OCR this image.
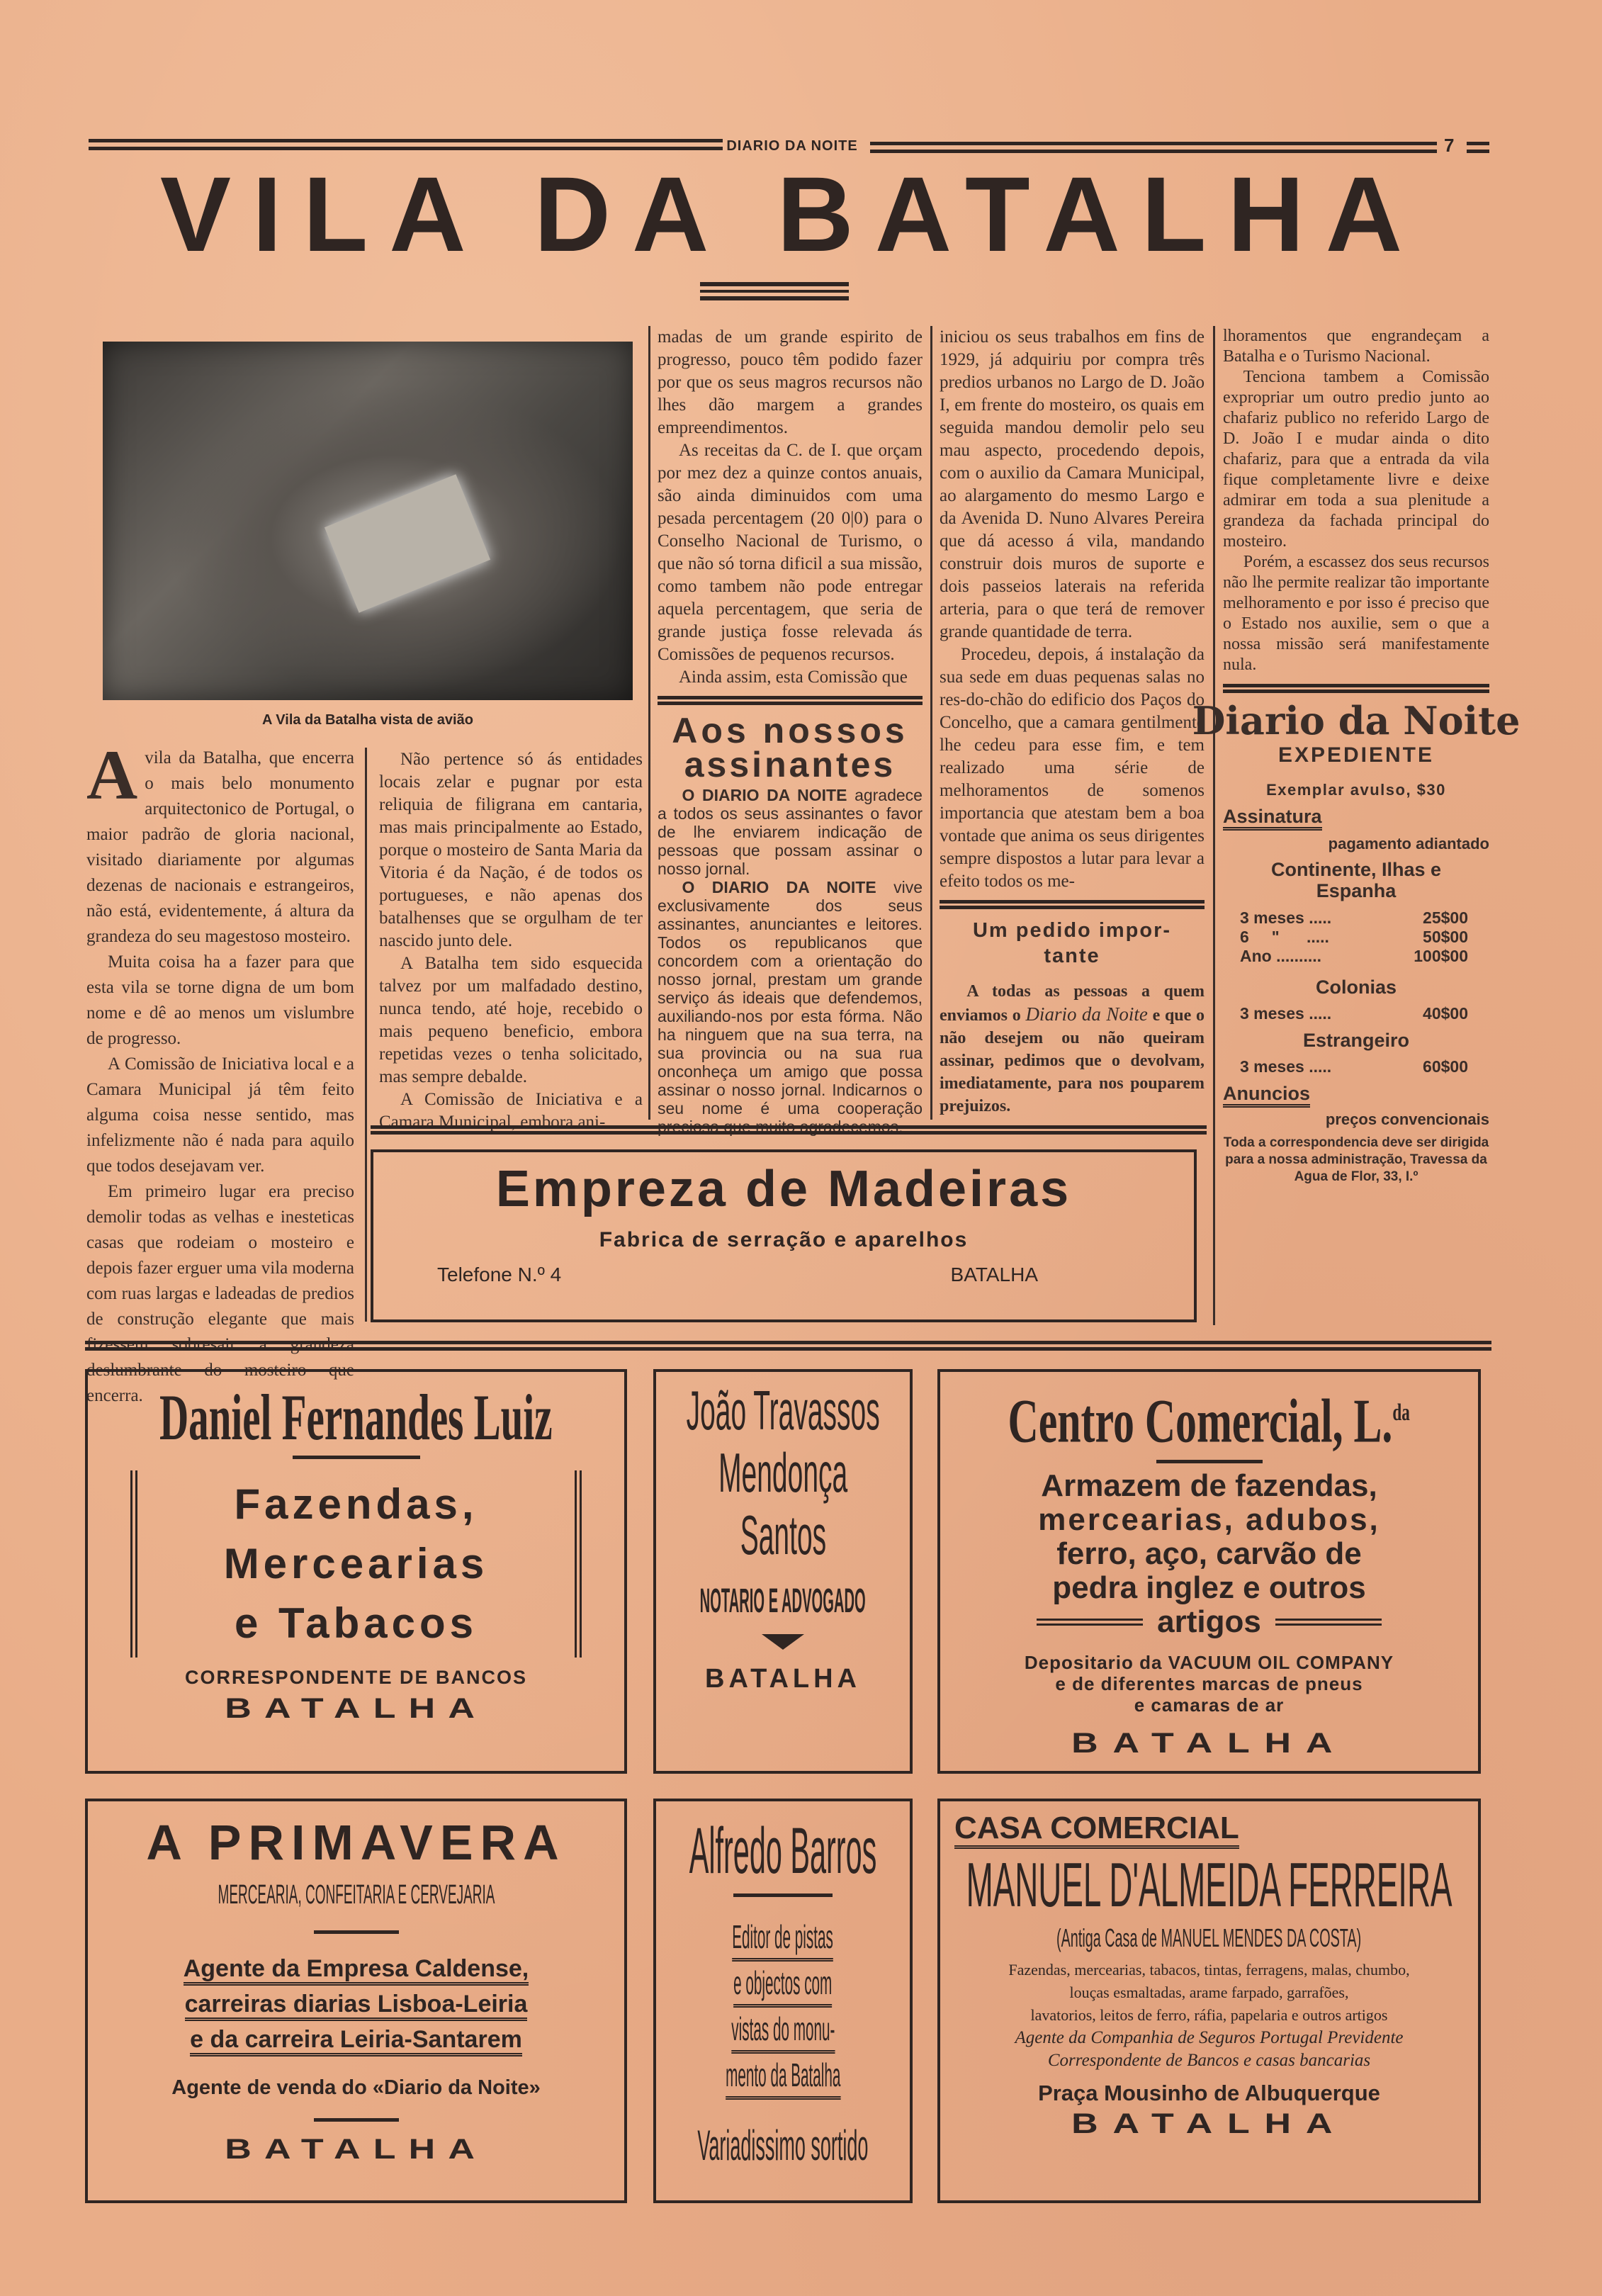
DIARIO DA NOITE	7
VILA DA BATALHA
A Vila da Batalha vista de avião

Avila da Batalha, que encerra o mais belo monumento arquitectonico de Portugal, o maior padrão de gloria nacional, visitado diariamente por algumas dezenas de nacionais e estrangeiros, não está, evidentemente, á altura da grandeza do seu magestoso mosteiro.

Muita coisa ha a fazer para que esta vila se torne digna de um bom nome e dê ao menos um vislumbre de progresso.

A Comissão de Iniciativa local e a Camara Municipal já têm feito alguma coisa nesse sentido, mas infelizmente não é nada para aquilo que todos desejavam ver.

Em primeiro lugar era preciso demolir todas as velhas e inesteticas casas que rodeiam o mosteiro e depois fazer erguer uma vila moderna com ruas largas e ladeadas de predios de construção elegante que mais fizessem sobresair a grandeza deslumbrante do mosteiro que encerra.

Não pertence só ás entidades locais zelar e pugnar por esta reliquia de filigrana em cantaria, mas mais principalmente ao Estado, porque o mosteiro de Santa Maria da Vitoria é da Nação, é de todos os portugueses, e não apenas dos batalhenses que se orgulham de ter nascido junto dele.

A Batalha tem sido esquecida talvez por um malfadado destino, nunca tendo, até hoje, recebido o mais pequeno beneficio, embora repetidas vezes o tenha solicitado, mas sempre debalde.

A Comissão de Iniciativa e a Camara Municipal, embora ani-

madas de um grande espirito de progresso, pouco têm podido fazer por que os seus magros recursos não lhes dão margem a grandes empreendimentos.

As receitas da C. de I. que orçam por mez dez a quinze contos anuais, são ainda diminuidos com uma pesada percentagem (20 0|0) para o Conselho Nacional de Turismo, o que não só torna dificil a sua missão, como tambem não pode entregar aquela percentagem, que seria de grande justiça fosse relevada ás Comissões de pequenos recursos.

Ainda assim, esta Comissão que

Aos nossos
assinantes

O DIARIO DA NOITE agradece a todos os seus assinantes o favor de lhe enviarem indicação de pessoas que possam assinar o nosso jornal.

O DIARIO DA NOITE vive exclusivamente dos seus assinantes, anunciantes e leitores. Todos os republicanos que concordem com a orientação do nosso jornal, prestam um grande serviço ás ideais que defendemos, auxiliando-nos por esta fórma. Não ha ninguem que na sua terra, na sua provincia ou na sua rua onconheça um amigo que possa assinar o nosso jornal. Indicarnos o seu nome é uma cooperação preciosa que muito agradecemos.

iniciou os seus trabalhos em fins de 1929, já adquiriu por compra três predios urbanos no Largo de D. João I, em frente do mosteiro, os quais em seguida mandou demolir pelo seu mau aspecto, procedendo depois, com o auxilio da Camara Municipal, ao alargamento do mesmo Largo e da Avenida D. Nuno Alvares Pereira que dá acesso á vila, mandando construir dois muros de suporte e dois passeios laterais na referida arteria, para o que terá de remover grande quantidade de terra.

Procedeu, depois, á instalação da sua sede em duas pequenas salas no res-do-chão do edificio dos Paços do Concelho, que a camara gentilmente lhe cedeu para esse fim, e tem realizado uma série de melhoramentos de somenos importancia que atestam bem a boa vontade que anima os seus dirigentes sempre dispostos a lutar para levar a efeito todos os me-

Um pedido impor-
tante

A todas as pessoas a quem enviamos o Diario da Noite e que o não desejem ou não queiram assinar, pedimos que o devolvam, imediatamente, para nos pouparem prejuizos.

lhoramentos que engrandeçam a Batalha e o Turismo Nacional.

Tenciona tambem a Comissão expropriar um outro predio junto ao chafariz publico no referido Largo de D. João I e mudar ainda o dito chafariz, para que a entrada da vila fique completamente livre e deixe admirar em toda a sua plenitude a grandeza da fachada principal do mosteiro.

Porém, a escassez dos seus recursos não lhe permite realizar tão importante melhoramento e por isso é preciso que o Estado nos auxilie, sem o que a nossa missão será manifestamente nula.

Diario da Noite
EXPEDIENTE
Exemplar avulso, $30
Assinatura
pagamento adiantado
Continente, Ilhas e Espanha
3 meses .....	25$00
6     "      .....	50$00
Ano ..........	100$00
Colonias
3 meses .....	40$00
Estrangeiro
3 meses .....	60$00
Anuncios
preços convencionais
Toda a correspondencia deve ser dirigida para a nossa administração, Travessa da Agua de Flor, 33, I.º
Empreza de Madeiras
Fabrica de serração e aparelhos
Telefone N.º 4	BATALHA
Daniel Fernandes Luiz
Fazendas,
Mercearias
e Tabacos
CORRESPONDENTE DE BANCOS
BATALHA
João Travassos
Mendonça
Santos
NOTARIO E ADVOGADO
BATALHA
Centro Comercial, L.$^{da}$
Armazem de fazendas,
mercearias, adubos,
ferro, aço, carvão de
pedra inglez e outros
artigos
Depositario da VACUUM OIL COMPANY
e de diferentes marcas de pneus
e camaras de ar
BATALHA
A PRIMAVERA
MERCEARIA, CONFEITARIA E CERVEJARIA
Agente da Empresa Caldense,
carreiras diarias Lisboa-Leiria
e da carreira Leiria-Santarem
Agente de venda do «Diario da Noite»
BATALHA
Alfredo Barros
Editor de pistas
e objectos com
vistas do monu-
mento da Batalha
Variadissimo sortido
CASA COMERCIAL
MANUEL D'ALMEIDA FERREIRA
(Antiga Casa de MANUEL MENDES DA COSTA)
Fazendas, mercearias, tabacos, tintas, ferragens, malas, chumbo,
louças esmaltadas, arame farpado, garrafões,
lavatorios, leitos de ferro, ráfia, papelaria e outros artigos
Agente da Companhia de Seguros Portugal Previdente
Correspondente de Bancos e casas bancarias
Praça Mousinho de Albuquerque
BATALHA
